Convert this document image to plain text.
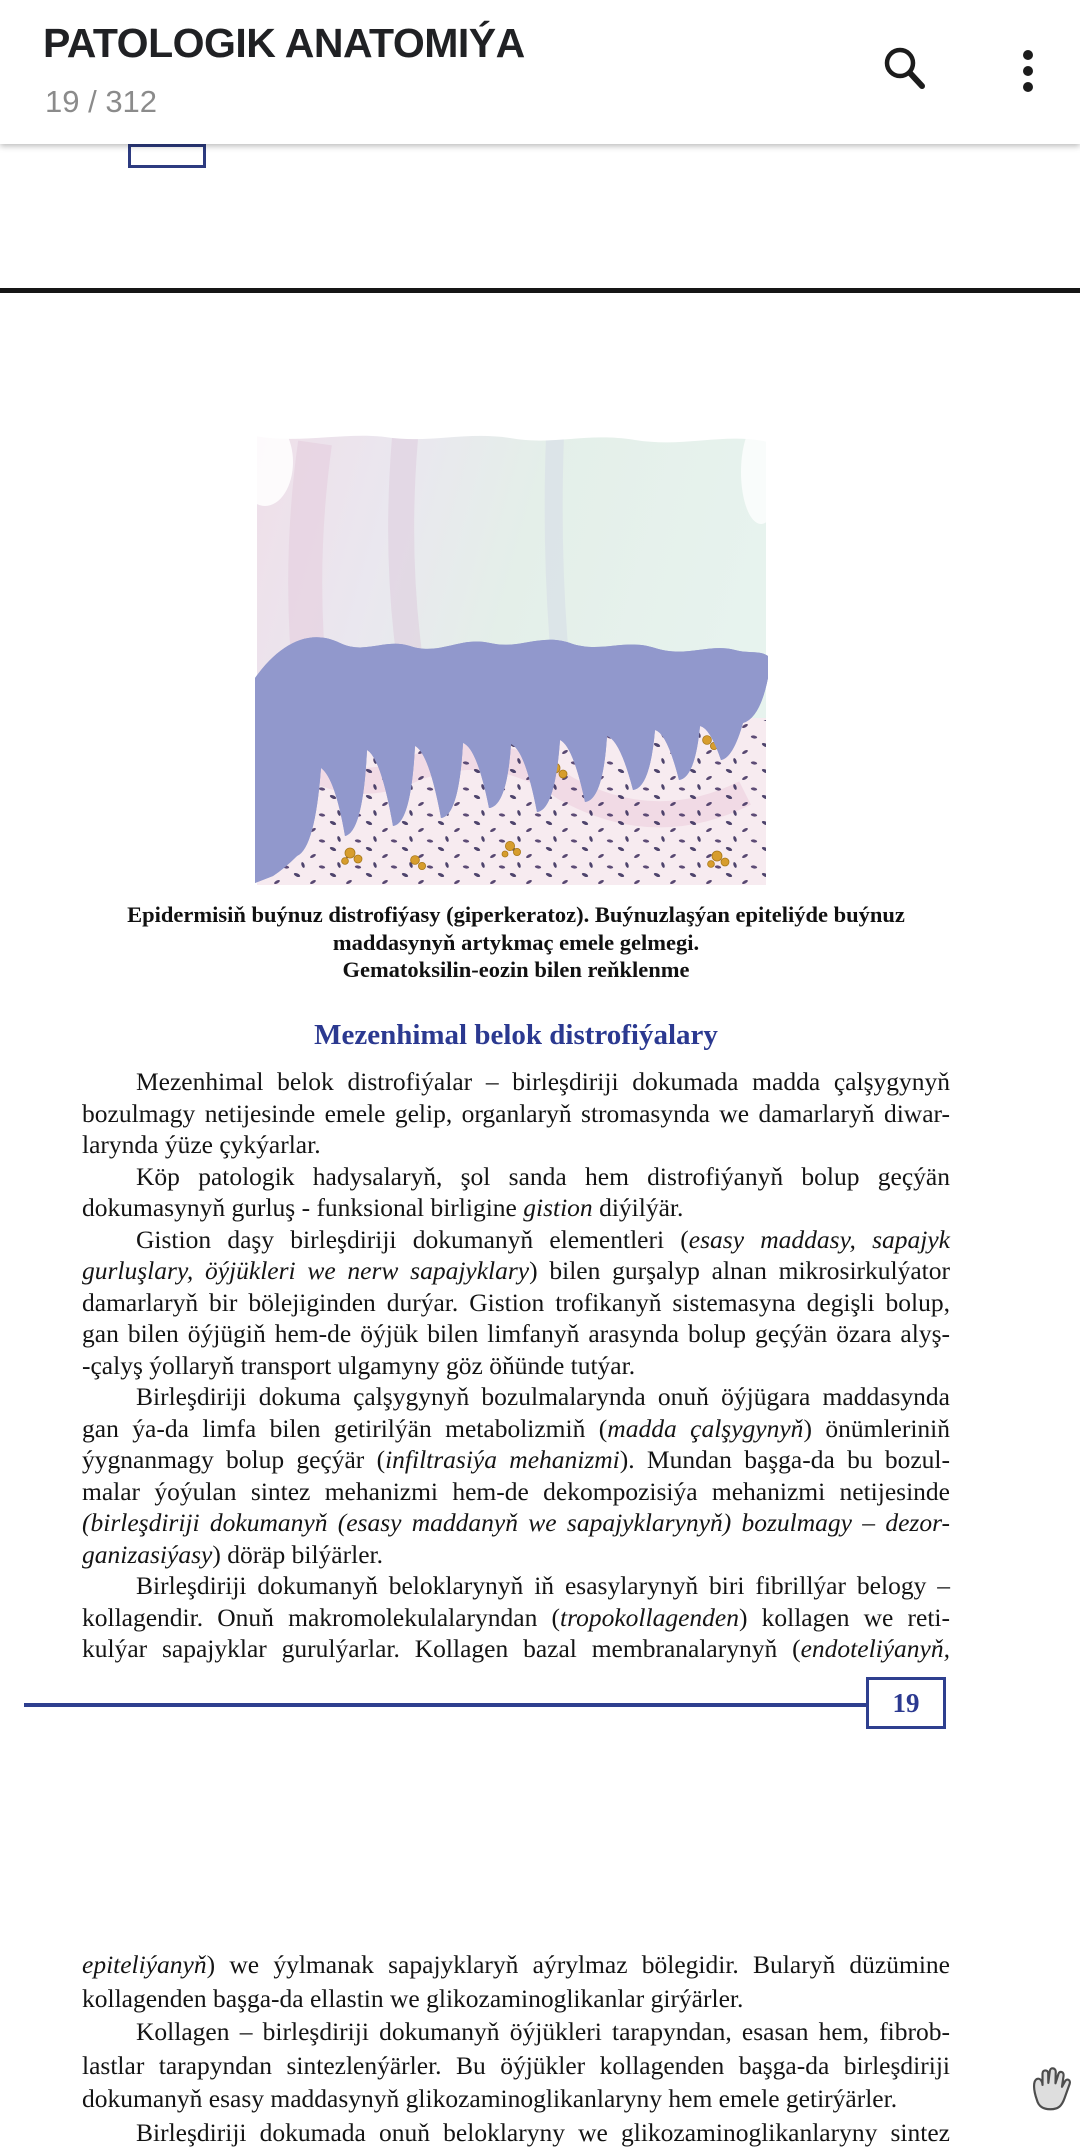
PATOLOGIK ANATOMIÝA
19 / 312
Epidermisiň buýnuz distrofiýasy (giperkeratoz). Buýnuzlaşýan epiteliýde buýnuz
maddasynyň artykmaç emele gelmegi.
Gematoksilin-eozin bilen reňklenme
Mezenhimal belok distrofiýalary
Mezenhimal belok distrofiýalar – birleşdiriji dokumada madda çalşygynyň
bozulmagy netijesinde emele gelip, organlaryň stromasynda we damarlaryň diwar-
larynda ýüze çykýarlar.
Köp patologik hadysalaryň, şol sanda hem distrofiýanyň bolup geçýän
dokumasynyň gurluş - funksional birligine gistion diýilýär.
Gistion daşy birleşdiriji dokumanyň elementleri (esasy maddasy, sapajyk
gurluşlary, öýjükleri we nerw sapajyklary) bilen gurşalyp alnan mikrosirkulýator
damarlaryň bir bölejiginden durýar. Gistion trofikanyň sistemasyna degişli bolup,
gan bilen öýjügiň hem-de öýjük bilen limfanyň arasynda bolup geçýän özara alyş-
-çalyş ýollaryň transport ulgamyny göz öňünde tutýar.
Birleşdiriji dokuma çalşygynyň bozulmalarynda onuň öýjügara maddasynda
gan ýa-da limfa bilen getirilýän metabolizmiň (madda çalşygynyň) önümleriniň
ýygnanmagy bolup geçýär (infiltrasiýa mehanizmi). Mundan başga-da bu bozul-
malar ýoýulan sintez mehanizmi hem-de dekompozisiýa mehanizmi netijesinde
(birleşdiriji dokumanyň (esasy maddanyň we sapajyklarynyň) bozulmagy – dezor-
ganizasiýasy) döräp bilýärler.
Birleşdiriji dokumanyň beloklarynyň iň esasylarynyň biri fibrillýar belogy –
kollagendir. Onuň makromolekulalaryndan (tropokollagenden) kollagen we reti-
kulýar sapajyklar gurulýarlar. Kollagen bazal membranalarynyň (endoteliýanyň,
19
epiteliýanyň) we ýylmanak sapajyklaryň aýrylmaz bölegidir. Bularyň düzümine
kollagenden başga-da ellastin we glikozaminoglikanlar girýärler.
Kollagen – birleşdiriji dokumanyň öýjükleri tarapyndan, esasan hem, fibrob-
lastlar tarapyndan sintezlenýärler. Bu öýjükler kollagenden başga-da birleşdiriji
dokumanyň esasy maddasynyň glikozaminoglikanlaryny hem emele getirýärler.
Birleşdiriji dokumada onuň beloklaryny we glikozaminoglikanlaryny sintez
